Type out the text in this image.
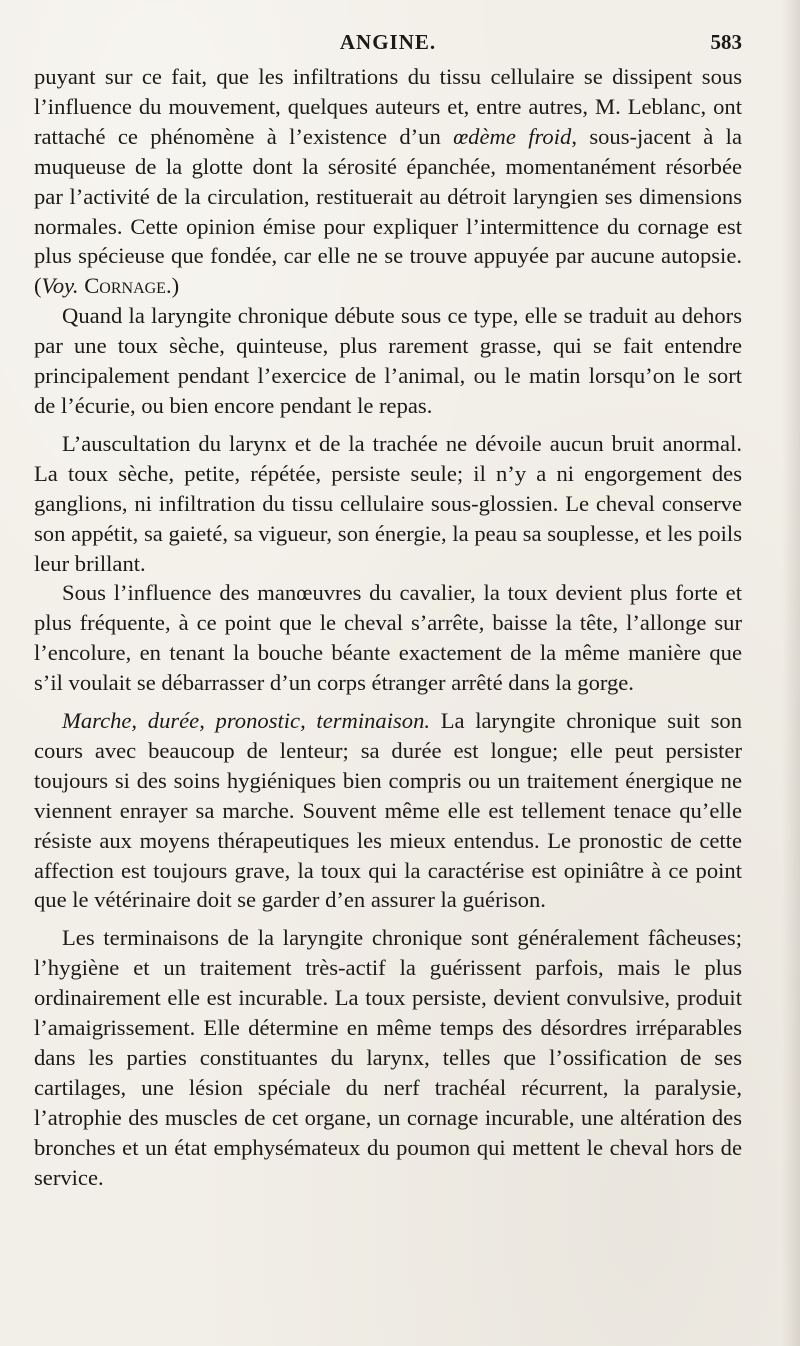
ANGINE.	583

puyant sur ce fait, que les infiltrations du tissu cellulaire se dissipent sous l’influence du mouvement, quelques auteurs et, entre autres, M. Leblanc, ont rattaché ce phénomène à l’existence d’un œdème froid, sous-jacent à la muqueuse de la glotte dont la sérosité épanchée, momentanément résorbée par l’activité de la circulation, restituerait au détroit laryngien ses dimensions normales. Cette opinion émise pour expliquer l’intermittence du cornage est plus spécieuse que fondée, car elle ne se trouve appuyée par aucune autopsie. (Voy. Cornage.)

Quand la laryngite chronique débute sous ce type, elle se traduit au dehors par une toux sèche, quinteuse, plus rarement grasse, qui se fait entendre principalement pendant l’exercice de l’animal, ou le matin lorsqu’on le sort de l’écurie, ou bien encore pendant le repas.

L’auscultation du larynx et de la trachée ne dévoile aucun bruit anormal. La toux sèche, petite, répétée, persiste seule; il n’y a ni engorgement des ganglions, ni infiltration du tissu cellulaire sous-glossien. Le cheval conserve son appétit, sa gaieté, sa vigueur, son énergie, la peau sa souplesse, et les poils leur brillant.

Sous l’influence des manœuvres du cavalier, la toux devient plus forte et plus fréquente, à ce point que le cheval s’arrête, baisse la tête, l’allonge sur l’encolure, en tenant la bouche béante exactement de la même manière que s’il voulait se débarrasser d’un corps étranger arrêté dans la gorge.

Marche, durée, pronostic, terminaison. La laryngite chronique suit son cours avec beaucoup de lenteur; sa durée est longue; elle peut persister toujours si des soins hygiéniques bien compris ou un traitement énergique ne viennent enrayer sa marche. Souvent même elle est tellement tenace qu’elle résiste aux moyens thérapeutiques les mieux entendus. Le pronostic de cette affection est toujours grave, la toux qui la caractérise est opiniâtre à ce point que le vétérinaire doit se garder d’en assurer la guérison.

Les terminaisons de la laryngite chronique sont généralement fâcheuses; l’hygiène et un traitement très-actif la guérissent parfois, mais le plus ordinairement elle est incurable. La toux persiste, devient convulsive, produit l’amaigrissement. Elle détermine en même temps des désordres irréparables dans les parties constituantes du larynx, telles que l’ossification de ses cartilages, une lésion spéciale du nerf trachéal récurrent, la paralysie, l’atrophie des muscles de cet organe, un cornage incurable, une altération des bronches et un état emphysémateux du poumon qui mettent le cheval hors de service.
